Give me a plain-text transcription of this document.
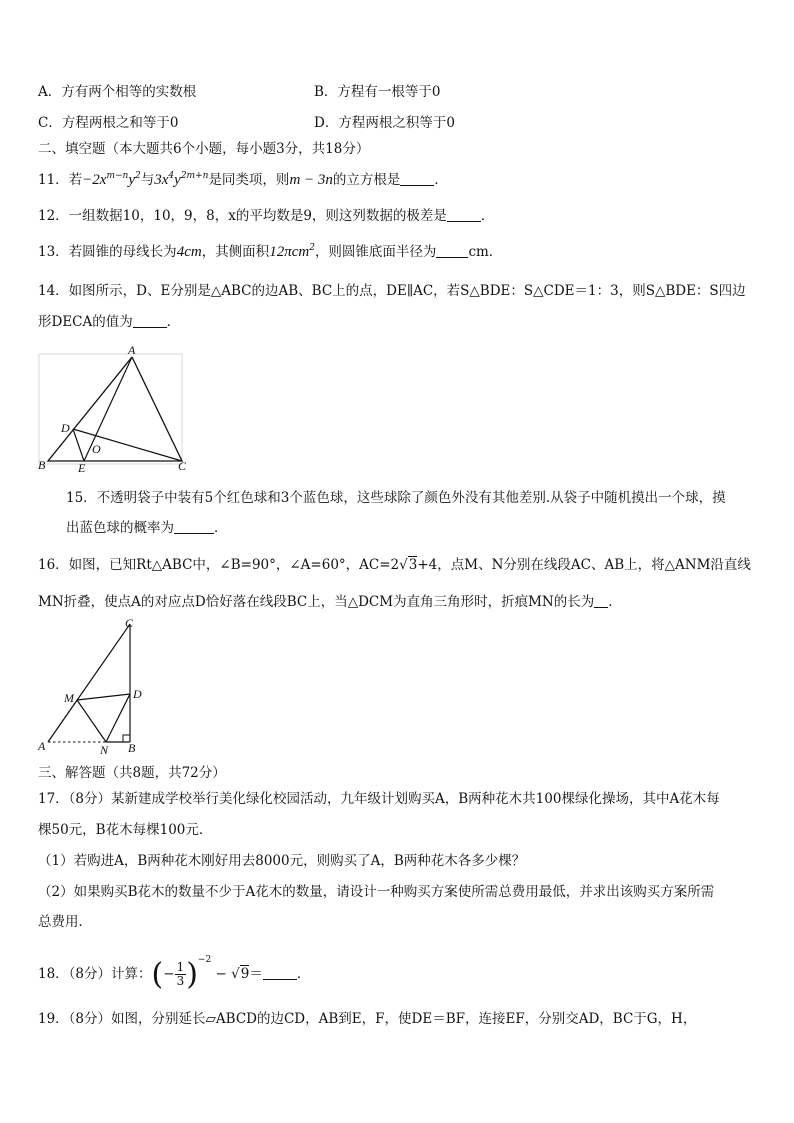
A．方有两个相等的实数根	B．方程有一根等于0
C．方程两根之和等于0	D．方程两根之积等于0
二、填空题（本大题共6个小题，每小题3分，共18分）
11．若$-2x^{m-n}y^2$与$3x^4y^{2m+n}$是同类项，则m − 3n的立方根是	．
12．一组数据10，10，9，8，x的平均数是9，则这列数据的极差是	．
13．若圆锥的母线长为4cm，其侧面积12πcm$^2$，则圆锥底面半径为 cm．
14．如图所示，D、E分别是△ABC的边AB、BC上的点，DE∥AC，若S△BDE：S△CDE＝1：3，则S△BDE：S四边
形DECA的值为	．
A
B	C
D
E
O
15．不透明袋子中装有5个红色球和3个蓝色球，这些球除了颜色外没有其他差别.从袋子中随机摸出一个球，摸
出蓝色球的概率为	．
16．如图，已知Rt△ABC中，∠B=90°，∠A=60°，AC=2√3+4，点M、N分别在线段AC、AB上，将△ANM沿直线
MN折叠，使点A的对应点D恰好落在线段BC上，当△DCM为直角三角形时，折痕MN的长为 ．
C
D
M
A	N B
三、解答题（共8题，共72分）
17．（8分）某新建成学校举行美化绿化校园活动，九年级计划购买A，B两种花木共100棵绿化操场，其中A花木每
棵50元，B花木每棵100元．
（1）若购进A，B两种花木刚好用去8000元，则购买了A，B两种花木各多少棵？
（2）如果购买B花木的数量不少于A花木的数量，请设计一种购买方案使所需总费用最低，并求出该购买方案所需
总费用．
18．（8分）计算：(− $\frac{1}{3} )^{-2} - √9=$	．
19．（8分）如图，分别延长▱ABCD的边CD，AB到E，F，使DE＝BF，连接EF，分别交AD，BC于G，H，
